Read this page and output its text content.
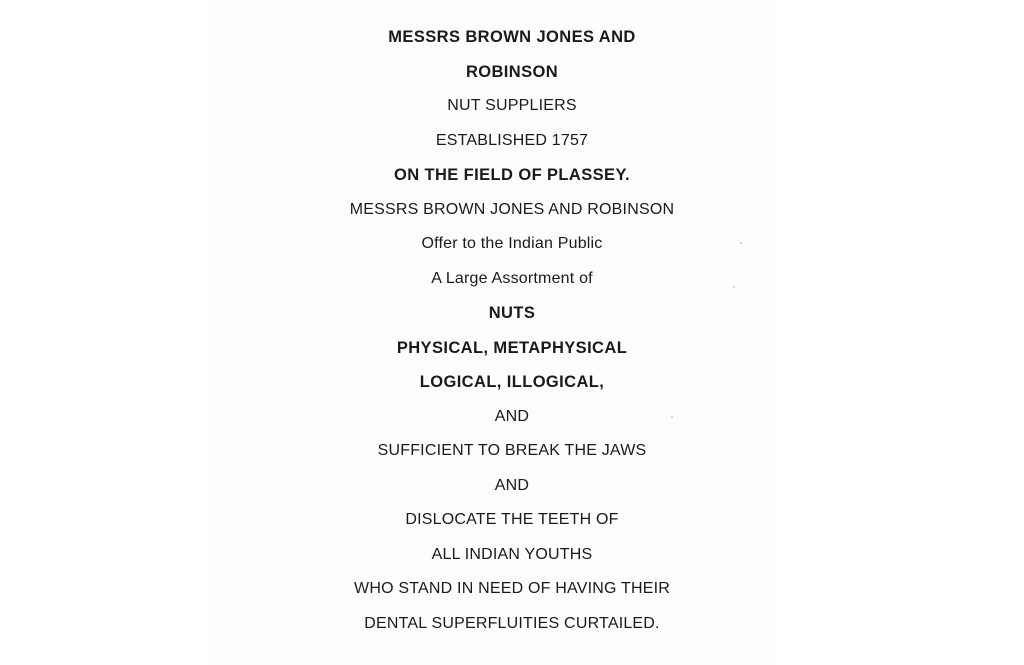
MESSRS BROWN JONES AND
ROBINSON
NUT SUPPLIERS
ESTABLISHED 1757
ON THE FIELD OF PLASSEY.
MESSRS BROWN JONES AND ROBINSON
Offer to the Indian Public
A Large Assortment of
NUTS
PHYSICAL, METAPHYSICAL
LOGICAL, ILLOGICAL,
AND
SUFFICIENT TO BREAK THE JAWS
AND
DISLOCATE THE TEETH OF
ALL INDIAN YOUTHS
WHO STAND IN NEED OF HAVING THEIR
DENTAL SUPERFLUITIES CURTAILED.
